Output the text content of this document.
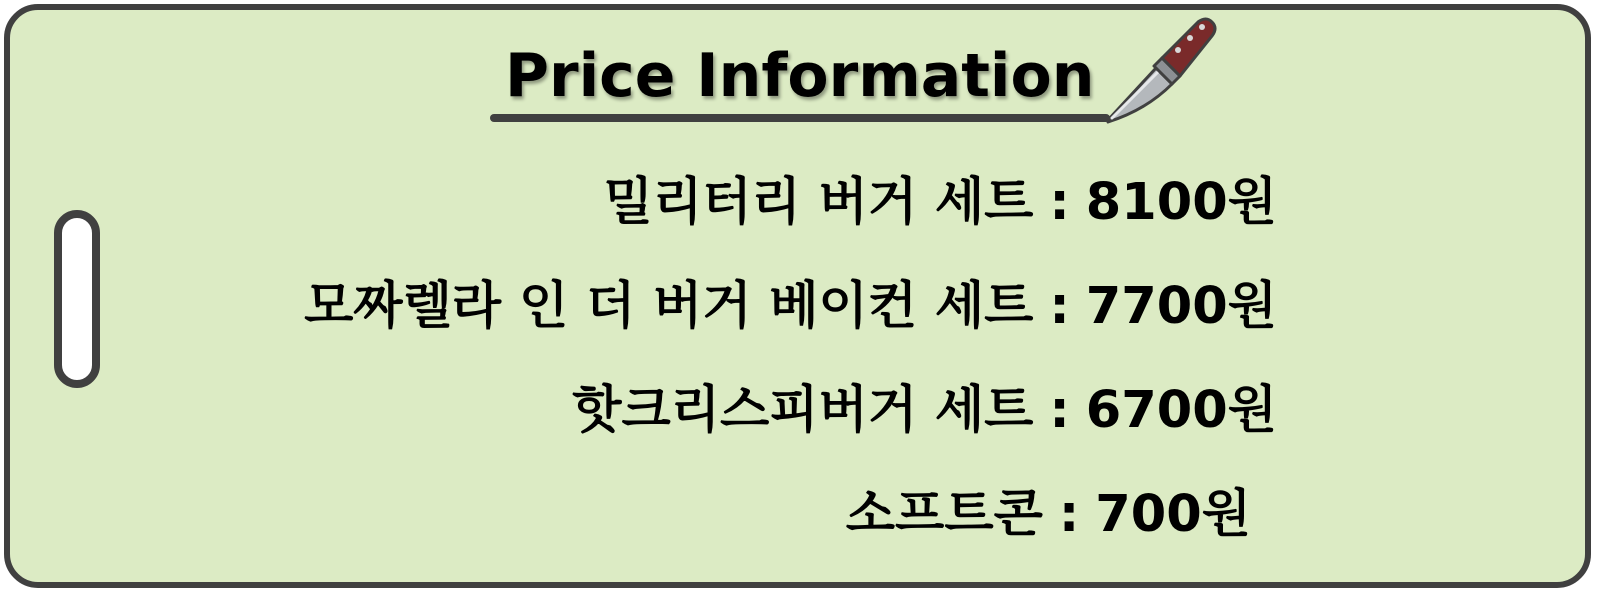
Price Information
밀리터리 버거 세트 : 8100원
모짜렐라 인 더 버거 베이컨 세트 : 7700원
핫크리스피버거 세트 : 6700원
소프트콘 : 700원
